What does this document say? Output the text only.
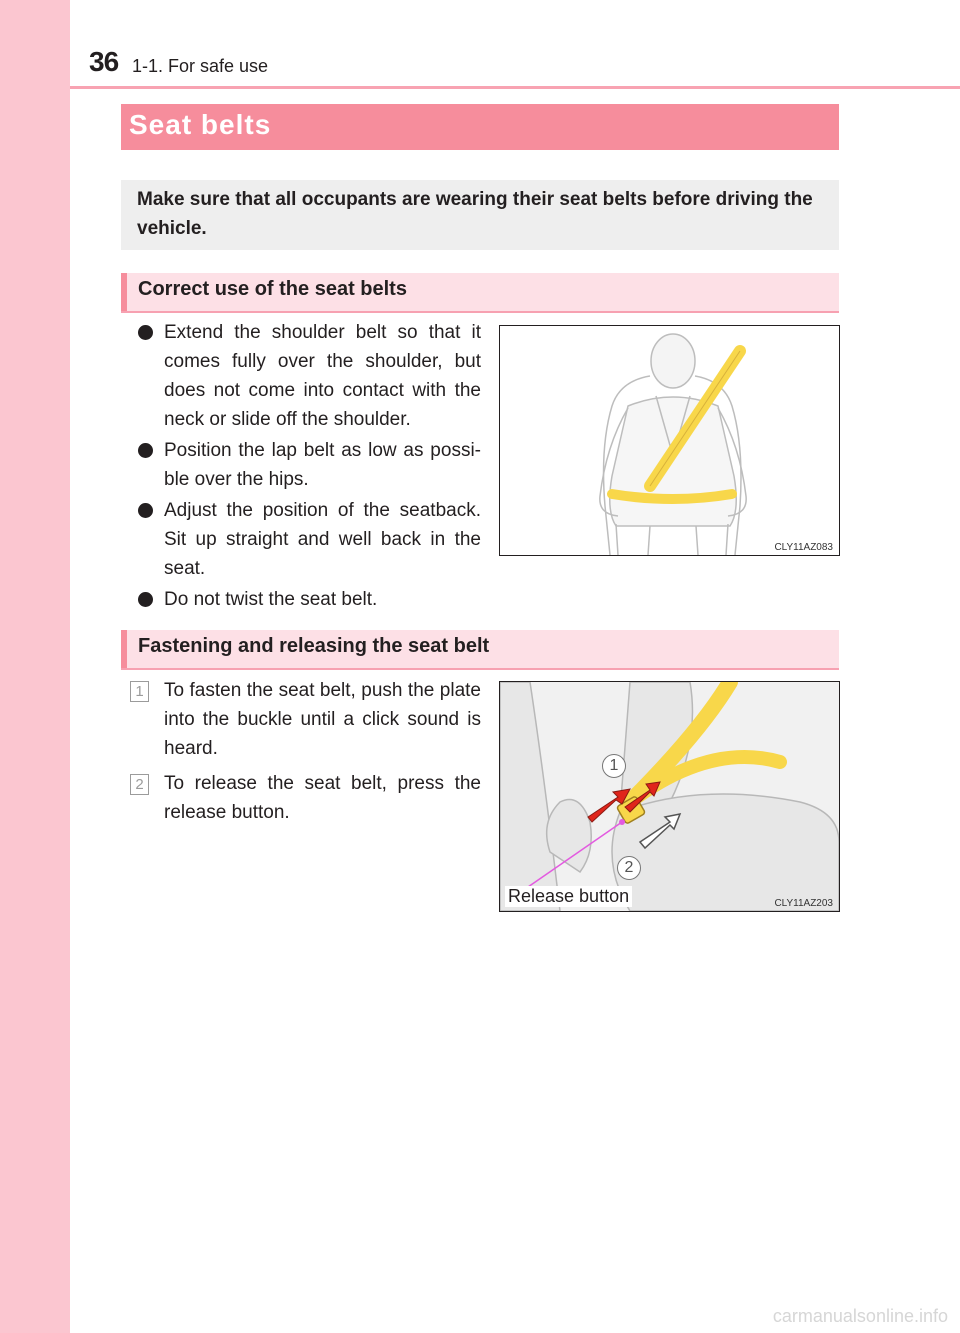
36 1-1. For safe use
Seat belts
Make sure that all occupants are wearing their seat belts before driving the vehicle.
Correct use of the seat belts
Extend the shoulder belt so that it comes fully over the shoulder, but does not come into contact with the neck or slide off the shoulder.
Position the lap belt as low as possi-ble over the hips.
Adjust the position of the seatback. Sit up straight and well back in the seat.
Do not twist the seat belt.
CLY11AZ083
Fastening and releasing the seat belt
1 To fasten the seat belt, push the plate into the buckle until a click sound is heard.
2 To release the seat belt, press the release button.
1
2
Release button	CLY11AZ203
carmanualsonline.info
